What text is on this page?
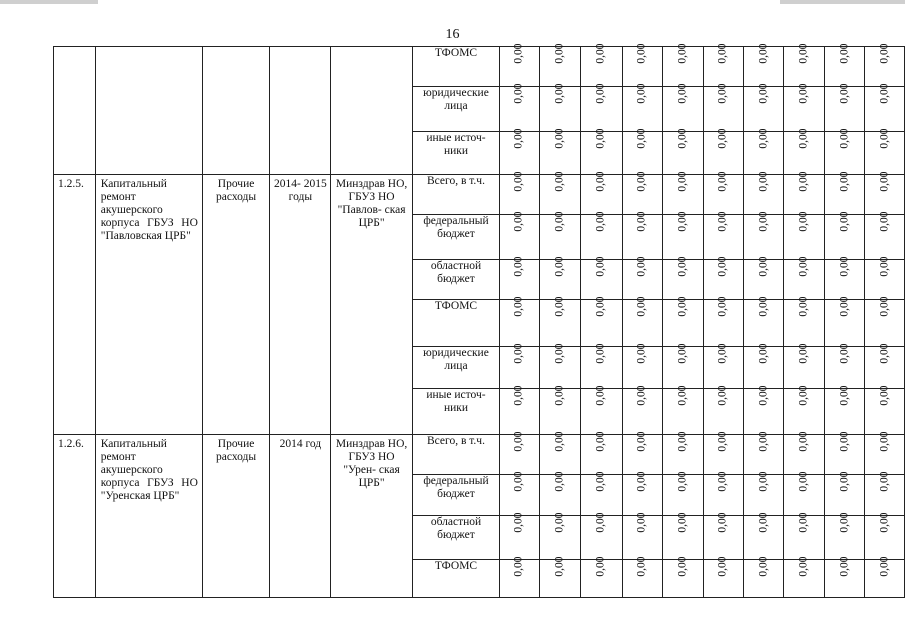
16
					ТФОМС	0,00	0,00	0,00	0,00	0,00	0,00	0,00	0,00	0,00	0,00
					юридические лица	0,00	0,00	0,00	0,00	0,00	0,00	0,00	0,00	0,00	0,00
					иные источ- ники	0,00	0,00	0,00	0,00	0,00	0,00	0,00	0,00	0,00	0,00
1.2.5.	Капитальный ремонт акушерского корпуса ГБУЗ НО "Павловская ЦРБ"	Прочие расходы	2014- 2015 годы	Минздрав НО, ГБУЗ НО "Павлов- ская ЦРБ"	Всего, в т.ч.	0,00	0,00	0,00	0,00	0,00	0,00	0,00	0,00	0,00	0,00
					федеральный бюджет	0,00	0,00	0,00	0,00	0,00	0,00	0,00	0,00	0,00	0,00
					областной бюджет	0,00	0,00	0,00	0,00	0,00	0,00	0,00	0,00	0,00	0,00
					ТФОМС	0,00	0,00	0,00	0,00	0,00	0,00	0,00	0,00	0,00	0,00
					юридические лица	0,00	0,00	0,00	0,00	0,00	0,00	0,00	0,00	0,00	0,00
					иные источ- ники	0,00	0,00	0,00	0,00	0,00	0,00	0,00	0,00	0,00	0,00
1.2.6.	Капитальный ремонт акушерского корпуса ГБУЗ НО "Уренская ЦРБ"	Прочие расходы	2014 год	Минздрав НО, ГБУЗ НО "Урен- ская ЦРБ"	Всего, в т.ч.	0,00	0,00	0,00	0,00	0,00	0,00	0,00	0,00	0,00	0,00
					федеральный бюджет	0,00	0,00	0,00	0,00	0,00	0,00	0,00	0,00	0,00	0,00
					областной бюджет	0,00	0,00	0,00	0,00	0,00	0,00	0,00	0,00	0,00	0,00
					ТФОМС	0,00	0,00	0,00	0,00	0,00	0,00	0,00	0,00	0,00	0,00
